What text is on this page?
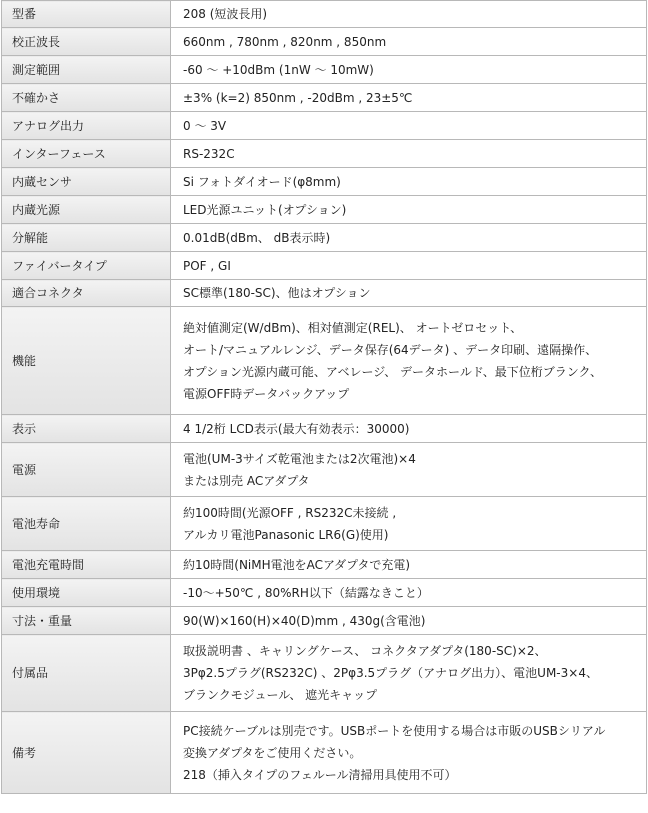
型番	208 (短波長用)

校正波長	660nm , 780nm , 820nm , 850nm

測定範囲	-60 ～ +10dBm (1nW ～ 10mW)

不確かさ	±3% (k=2) 850nm , -20dBm , 23±5℃

アナログ出力	0 ～ 3V

インターフェース	RS-232C

内蔵センサ	Si フォトダイオード(φ8mm)

内蔵光源	LED光源ユニット(オプション)

分解能	0.01dB(dBm、 dB表示時)

ファイバータイプ	POF , GI

適合コネクタ	SC標準(180-SC)、他はオプション

機能	絶対値測定(W/dBm)、相対値測定(REL)、 オートゼロセット、
オート/マニュアルレンジ、データ保存(64データ) 、データ印刷、遠隔操作、
オプション光源内蔵可能、アベレージ、 データホールド、最下位桁ブランク、
電源OFF時データバックアップ

表示	4 1/2桁 LCD表示(最大有効表示：30000)

電源	電池(UM-3サイズ乾電池または2次電池)×4
または別売 ACアダプタ

電池寿命	約100時間(光源OFF , RS232C未接続 ,
アルカリ電池Panasonic LR6(G)使用)

電池充電時間	約10時間(NiMH電池をACアダプタで充電)

使用環境	-10～+50℃ , 80%RH以下（結露なきこと）

寸法・重量	90(W)×160(H)×40(D)mm , 430g(含電池)

付属品	取扱説明書 、キャリングケース、 コネクタアダプタ(180-SC)×2、
3Pφ2.5プラグ(RS232C) 、2Pφ3.5プラグ（アナログ出力）、電池UM-3×4、
ブランクモジュール、 遮光キャップ

備考	PC接続ケーブルは別売です。USBポートを使用する場合は市販のUSBシリアル
変換アダプタをご使用ください。
218（挿入タイプのフェルール清掃用具使用不可）
